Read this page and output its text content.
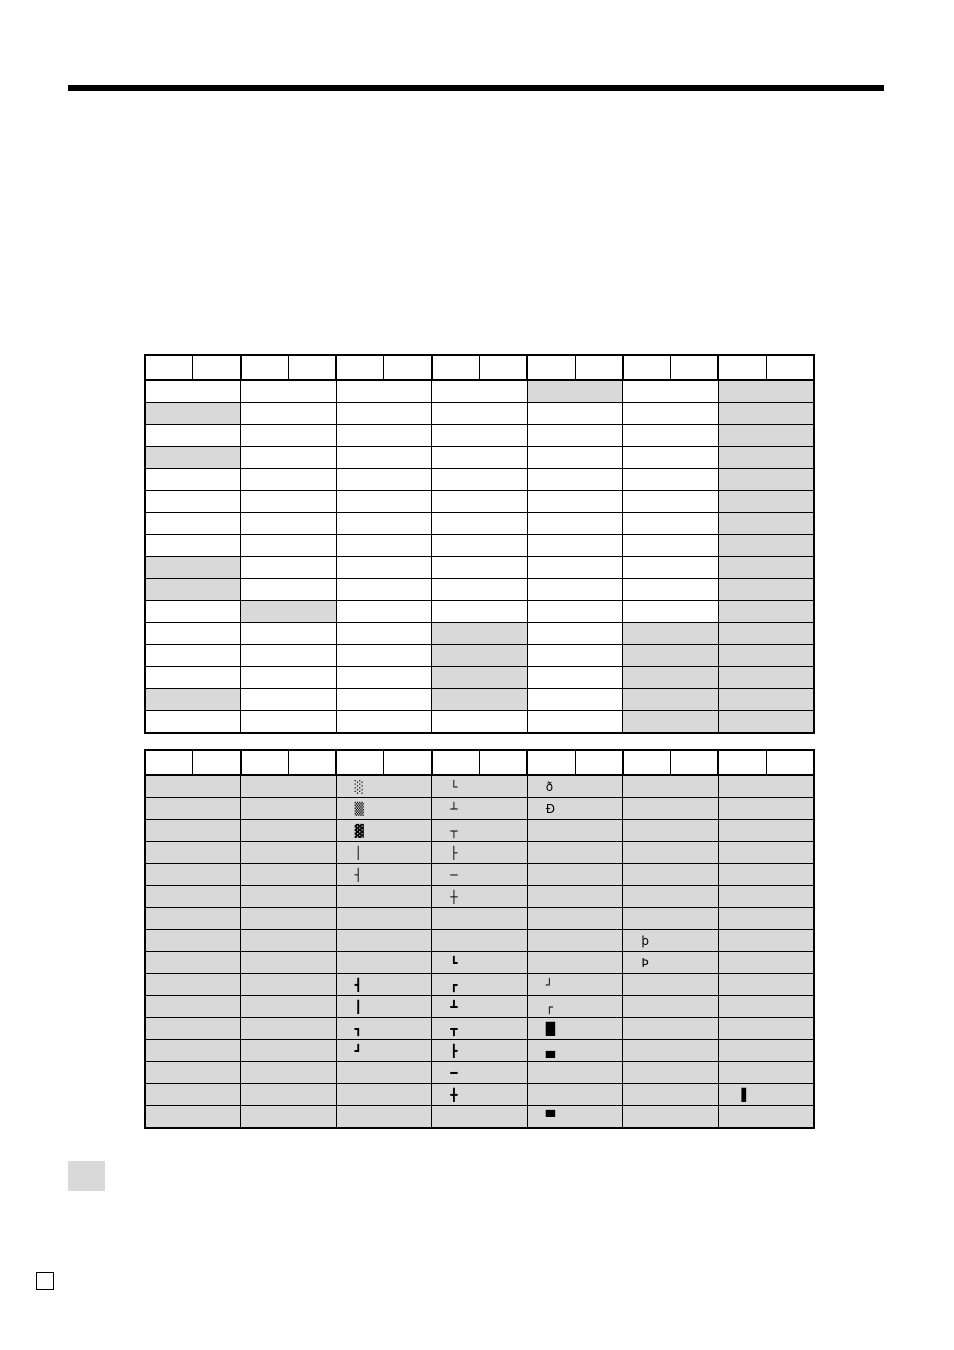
				░		└		ð					
				▒		┴		Đ					
				▓		┬							
				│		├							
				┤		─							
						┼							

										þ			
						┗				Þ			
				┫		┏		┘					
				┃		┻		┌					
				┓		┳		█					
				┛		┣		▄					
						━							
						╋						▐	
								▀					
